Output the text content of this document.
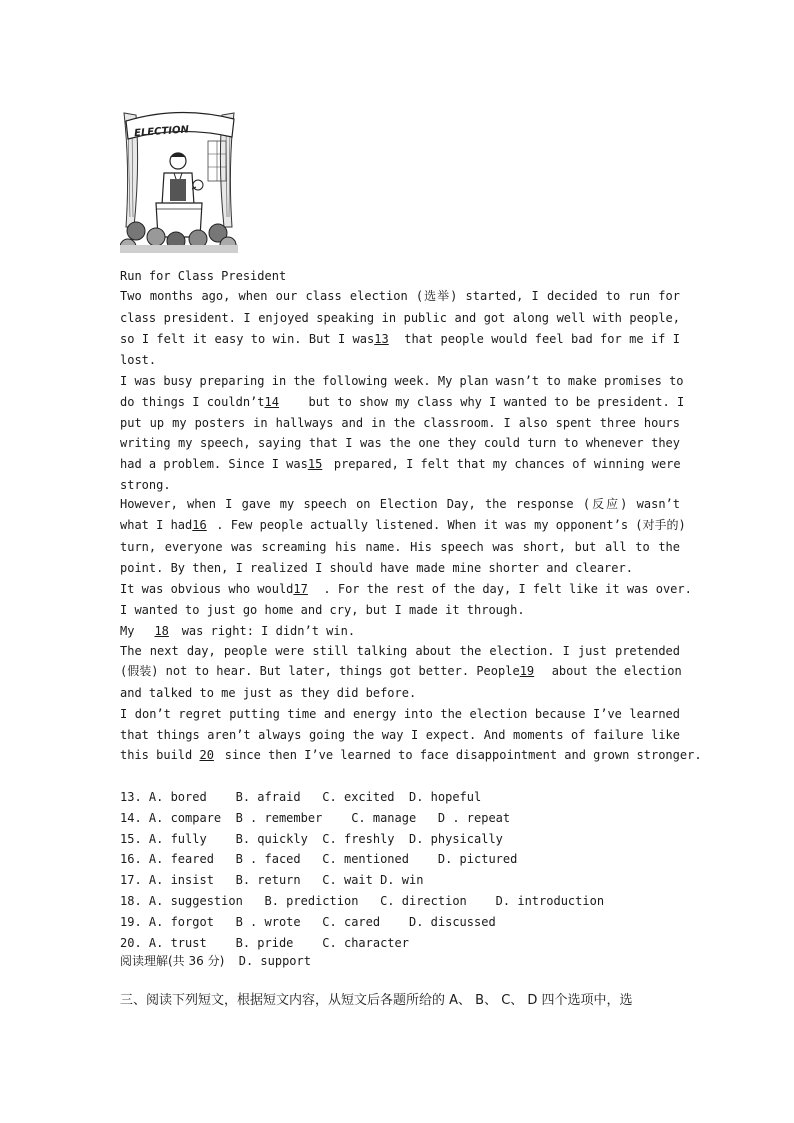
ELECTION
Run for Class President
Two months ago, when our class election (选举) started, I decided to run for
class president. I enjoyed speaking in public and got along well with people,
so I felt it easy to win. But I was13 that people would feel bad for me if I
lost.
I was busy preparing in the following week. My plan wasn’t to make promises to
do things I couldn’t14 but to show my class why I wanted to be president. I
put up my posters in hallways and in the classroom. I also spent three hours
writing my speech, saying that I was the one they could turn to whenever they
had a problem. Since I was15 prepared, I felt that my chances of winning were
strong.
However, when I gave my speech on Election Day, the response (反应) wasn’t
what I had16 . Few people actually listened. When it was my opponent’s (对手的)
turn, everyone was screaming his name. His speech was short, but all to the
point. By then, I realized I should have made mine shorter and clearer.
It was obvious who would17 . For the rest of the day, I felt like it was over.
I wanted to just go home and cry, but I made it through.
My 18 was right: I didn’t win.
The next day, people were still talking about the election. I just pretended
(假装) not to hear. But later, things got better. People19 about the election
and talked to me just as they did before.
I don’t regret putting time and energy into the election because I’ve learned
that things aren’t always going the way I expect. And moments of failure like
this build 20 since then I’ve learned to face disappointment and grown stronger.
13. A. bored    B. afraid   C. excited  D. hopeful
14. A. compare  B . remember    C. manage   D . repeat
15. A. fully    B. quickly  C. freshly  D. physically
16. A. feared   B . faced   C. mentioned    D. pictured
17. A. insist   B. return   C. wait D. win
18. A. suggestion   B. prediction   C. direction    D. introduction
19. A. forgot   B . wrote   C. cared    D. discussed
20. A. trust    B. pride    C. character
阅读理解(共 36 分) D. support
三、阅读下列短文，根据短文内容，从短文后各题所给的 A、 B、 C、 D 四个选项中，选
